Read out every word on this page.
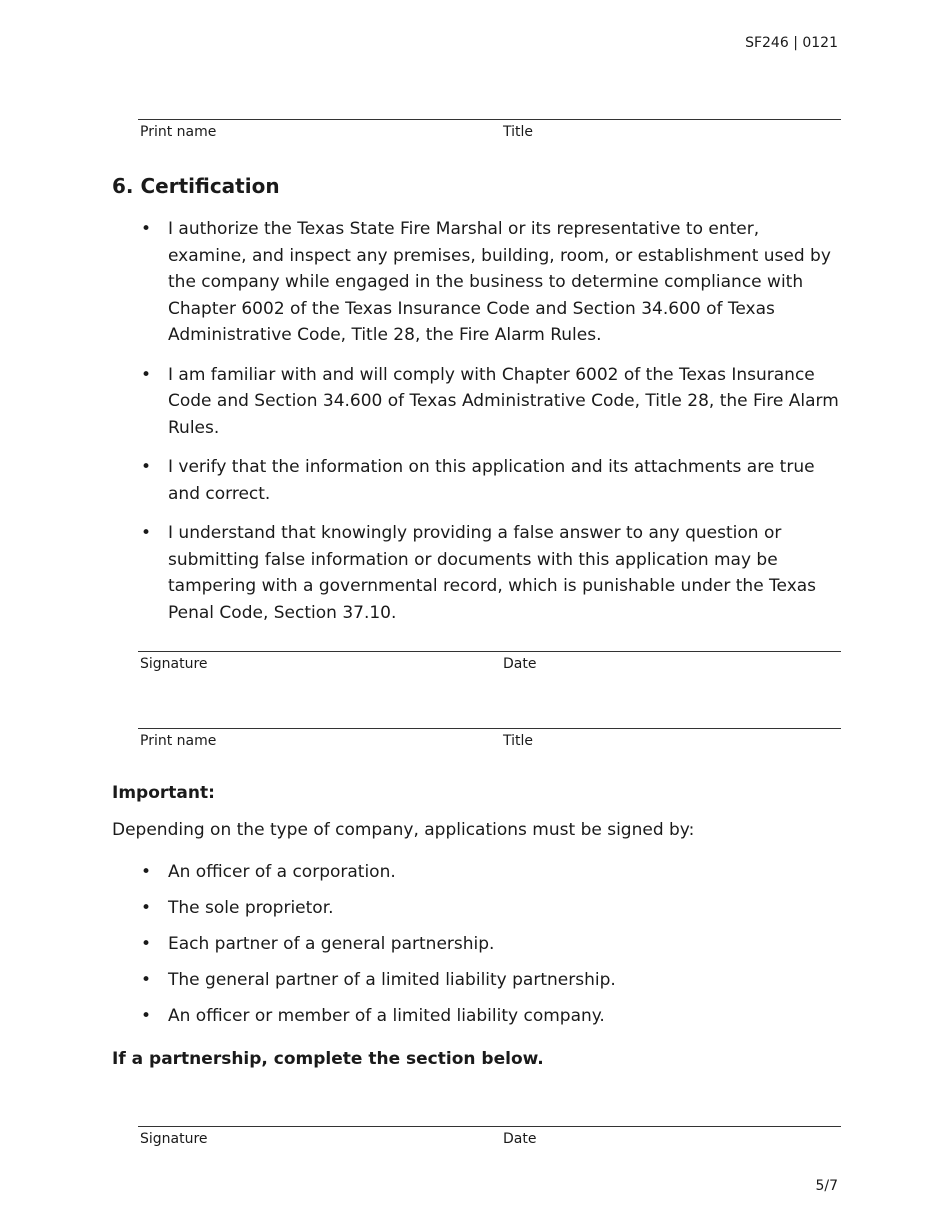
SF246 | 0121
Print name	Title
6. Certification
• I authorize the Texas State Fire Marshal or its representative to enter, examine, and inspect any premises, building, room, or establishment used by the company while engaged in the business to determine compliance with Chapter 6002 of the Texas Insurance Code and Section 34.600 of Texas Administrative Code, Title 28, the Fire Alarm Rules.
• I am familiar with and will comply with Chapter 6002 of the Texas Insurance Code and Section 34.600 of Texas Administrative Code, Title 28, the Fire Alarm Rules.
• I verify that the information on this application and its attachments are true and correct.
• I understand that knowingly providing a false answer to any question or submitting false information or documents with this application may be tampering with a governmental record, which is punishable under the Texas Penal Code, Section 37.10.
Signature	Date
Print name	Title
Important:
Depending on the type of company, applications must be signed by:
• An officer of a corporation.
• The sole proprietor.
• Each partner of a general partnership.
• The general partner of a limited liability partnership.
• An officer or member of a limited liability company.
If a partnership, complete the section below.
Signature	Date
5/7
